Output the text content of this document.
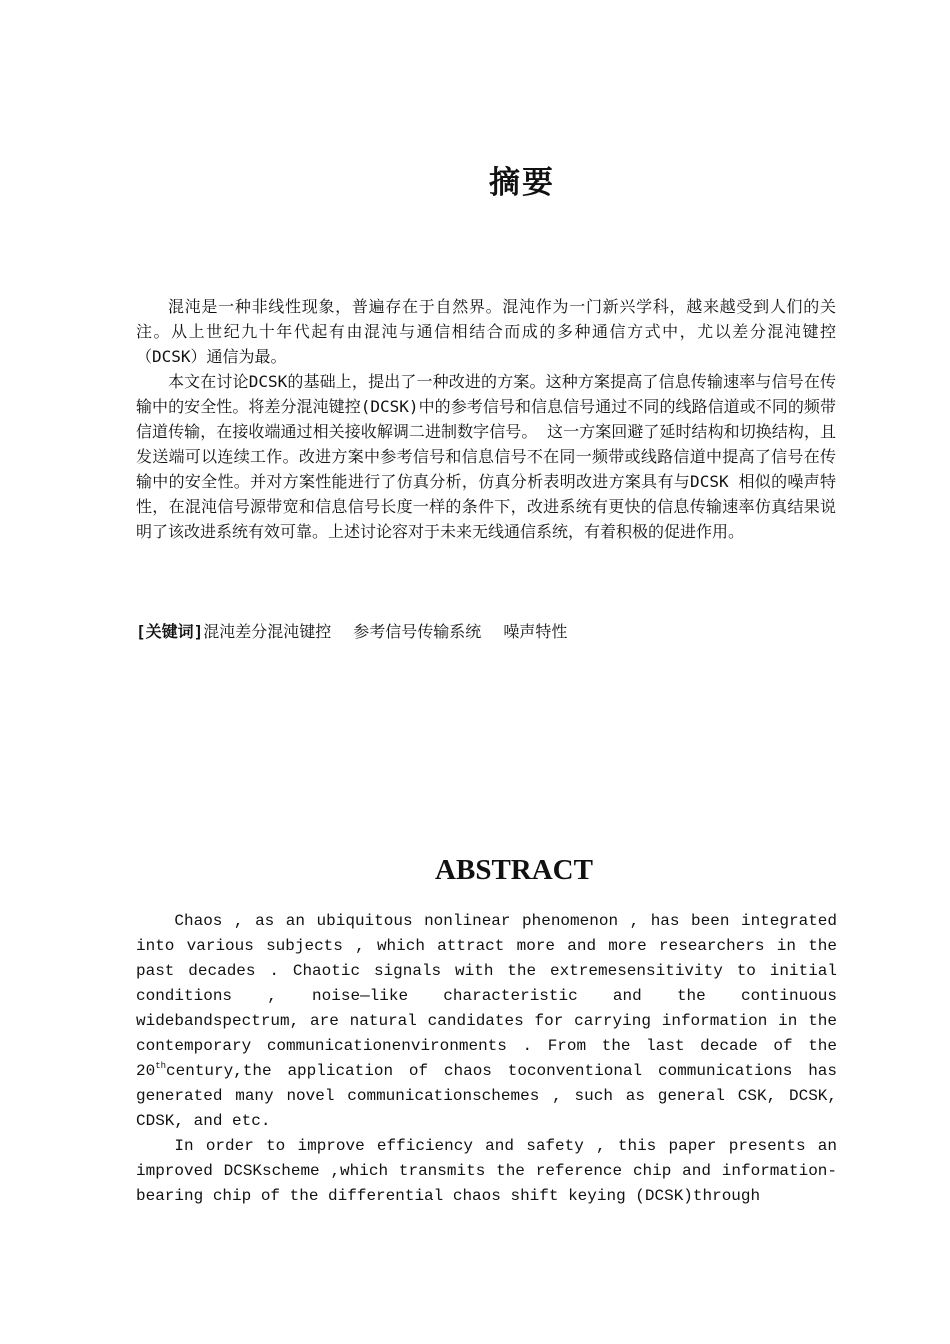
摘要

混沌是一种非线性现象，普遍存在于自然界。混沌作为一门新兴学科，越来越受到人们的关注。从上世纪九十年代起有由混沌与通信相结合而成的多种通信方式中，尤以差分混沌键控（DCSK）通信为最。

本文在讨论DCSK的基础上，提出了一种改进的方案。这种方案提高了信息传输速率与信号在传输中的安全性。将差分混沌键控(DCSK)中的参考信号和信息信号通过不同的线路信道或不同的频带信道传输，在接收端通过相关接收解调二进制数字信号。 这一方案回避了延时结构和切换结构，且发送端可以连续工作。改进方案中参考信号和信息信号不在同一频带或线路信道中提高了信号在传输中的安全性。并对方案性能进行了仿真分析，仿真分析表明改进方案具有与DCSK 相似的噪声特性，在混沌信号源带宽和信息信号长度一样的条件下，改进系统有更快的信息传输速率仿真结果说明了该改进系统有效可靠。上述讨论容对于未来无线通信系统，有着积极的促进作用。

[关键词]混沌差分混沌键控 参考信号传输系统 噪声特性
ABSTRACT

Chaos , as an ubiquitous nonlinear phenomenon , has been integrated into various subjects , which attract more and more researchers in the past decades . Chaotic signals with the extremesensitivity to initial conditions , noise—like characteristic and the continuous widebandspectrum, are natural candidates for carrying information in the contemporary communicationenvironments . From the last decade of the 20thcentury,the application of chaos toconventional communications has generated many novel communicationschemes , such as general CSK, DCSK, CDSK, and etc.

In order to improve efficiency and safety , this paper presents an improved DCSKscheme ,which transmits the reference chip and information-bearing chip of the differential chaos shift keying (DCSK)through
